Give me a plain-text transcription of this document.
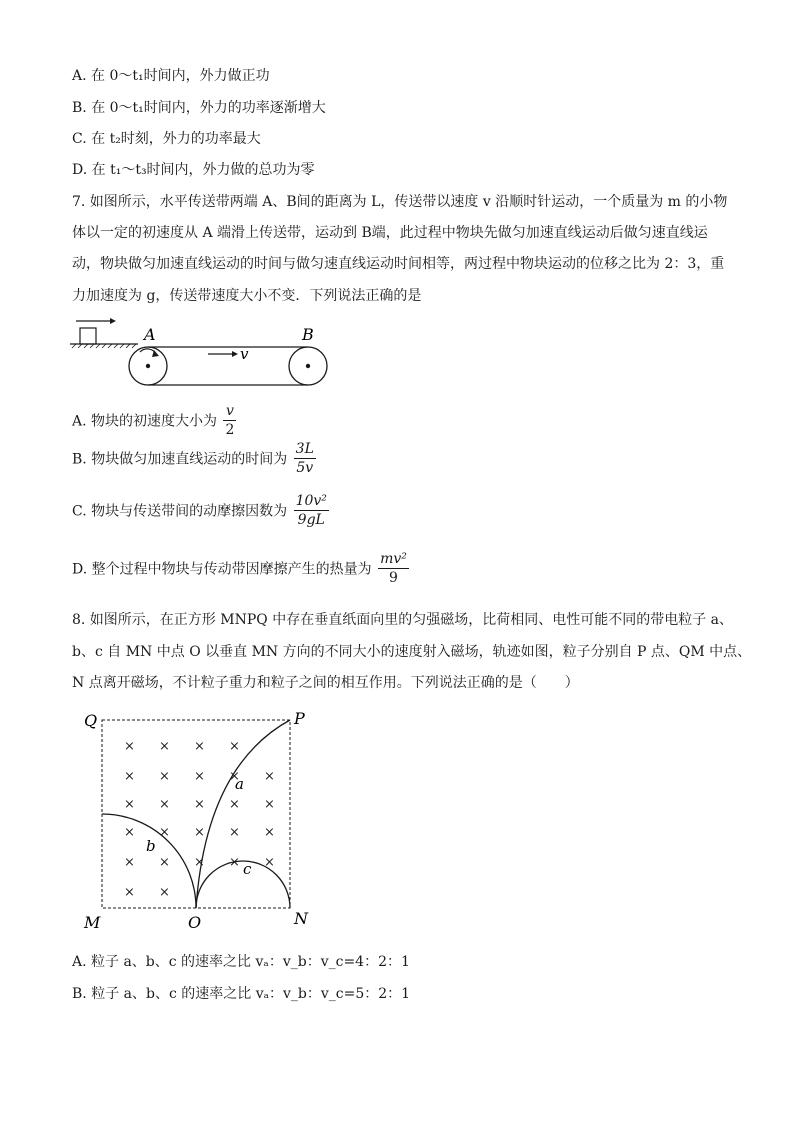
A. 在 0～t₁时间内，外力做正功
B. 在 0～t₁时间内，外力的功率逐渐增大
C. 在 t₂时刻，外力的功率最大
D. 在 t₁～t₃时间内，外力做的总功为零
7. 如图所示，水平传送带两端 A、B间的距离为 L，传送带以速度 v 沿顺时针运动，一个质量为 m 的小物
体以一定的初速度从 A 端滑上传送带，运动到 B端，此过程中物块先做匀加速直线运动后做匀速直线运
动，物块做匀加速直线运动的时间与做匀速直线运动时间相等，两过程中物块运动的位移之比为 2：3，重
力加速度为 g，传送带速度大小不变．下列说法正确的是
v
A	B
A. 物块的初速度大小为 $\frac{v}{2}$
B. 物块做匀加速直线运动的时间为 $\frac{3L}{5v}$
C. 物块与传送带间的动摩擦因数为 $\frac{\text{10v²}}{9gL}$
D. 整个过程中物块与传动带因摩擦产生的热量为 $\frac{\text{mv²}}{9}$
8. 如图所示，在正方形 MNPQ 中存在垂直纸面向里的匀强磁场，比荷相同、电性可能不同的带电粒子 a、
b、c 自 MN 中点 O 以垂直 MN 方向的不同大小的速度射入磁场，轨迹如图，粒子分别自 P 点、QM 中点、
N 点离开磁场，不计粒子重力和粒子之间的相互作用。下列说法正确的是（　　）
× × × ×
× × × × ×
× × × × ×
× × × × ×
× × × × ×
× ×
Q	P
M	N
O
a
b
c
A. 粒子 a、b、c 的速率之比 vₐ：v_b：v_c=4：2：1
B. 粒子 a、b、c 的速率之比 vₐ：v_b：v_c=5：2：1
